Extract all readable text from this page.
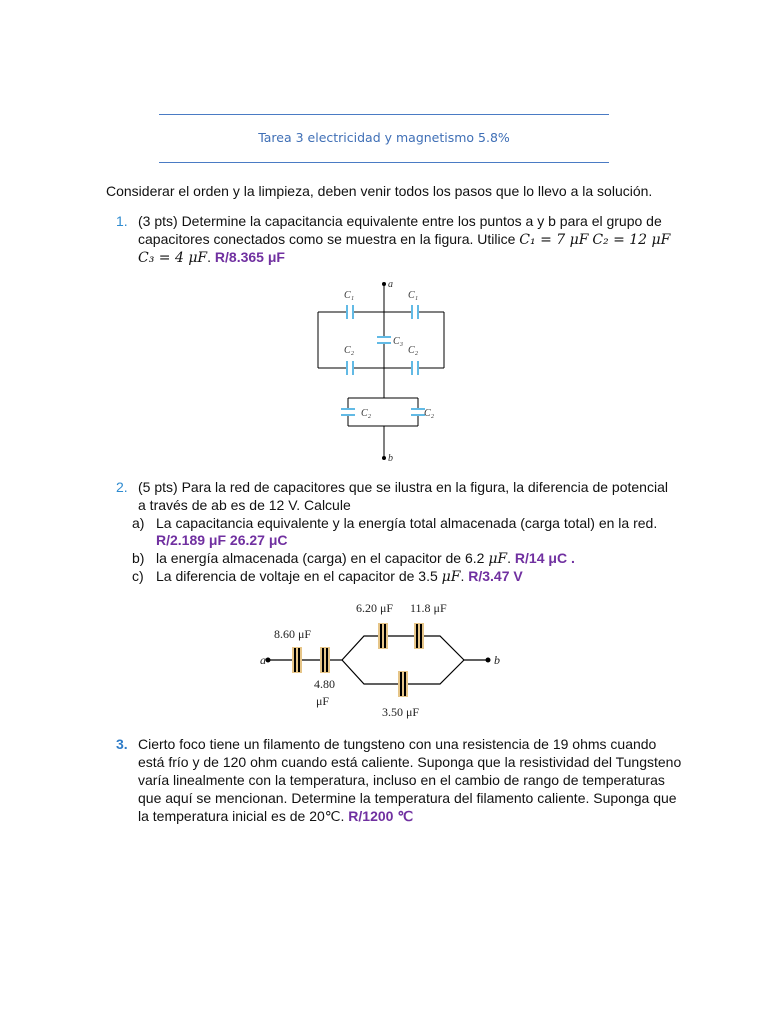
Tarea 3 electricidad y magnetismo 5.8%
Considerar el orden y la limpieza, deben venir todos los pasos que lo llevo a la solución.
1. (3 pts) Determine la capacitancia equivalente entre los puntos a y b para el grupo de
capacitores conectados como se muestra en la figura. Utilice C₁ = 7 μF C₂ = 12 μF
C₃ = 4 μF. R/8.365 μF
a
b
C₁	C₁
C₂
C₃
C₂
C₂	C₂
2. (5 pts) Para la red de capacitores que se ilustra en la figura, la diferencia de potencial
a través de ab es de 12 V. Calcule
a) La capacitancia equivalente y la energía total almacenada (carga total) en la red.
R/2.189 μF 26.27 μC
b) la energía almacenada (carga) en el capacitor de 6.2 μF. R/14 μC .
c) La diferencia de voltaje en el capacitor de 3.5 μF. R/3.47 V
a	b
8.60 μF
6.20 μF 11.8 μF
4.80
μF
3.50 μF
3. Cierto foco tiene un filamento de tungsteno con una resistencia de 19 ohms cuando
está frío y de 120 ohm cuando está caliente. Suponga que la resistividad del Tungsteno
varía linealmente con la temperatura, incluso en el cambio de rango de temperaturas
que aquí se mencionan. Determine la temperatura del filamento caliente. Suponga que
la temperatura inicial es de 20℃. R/1200 ℃
